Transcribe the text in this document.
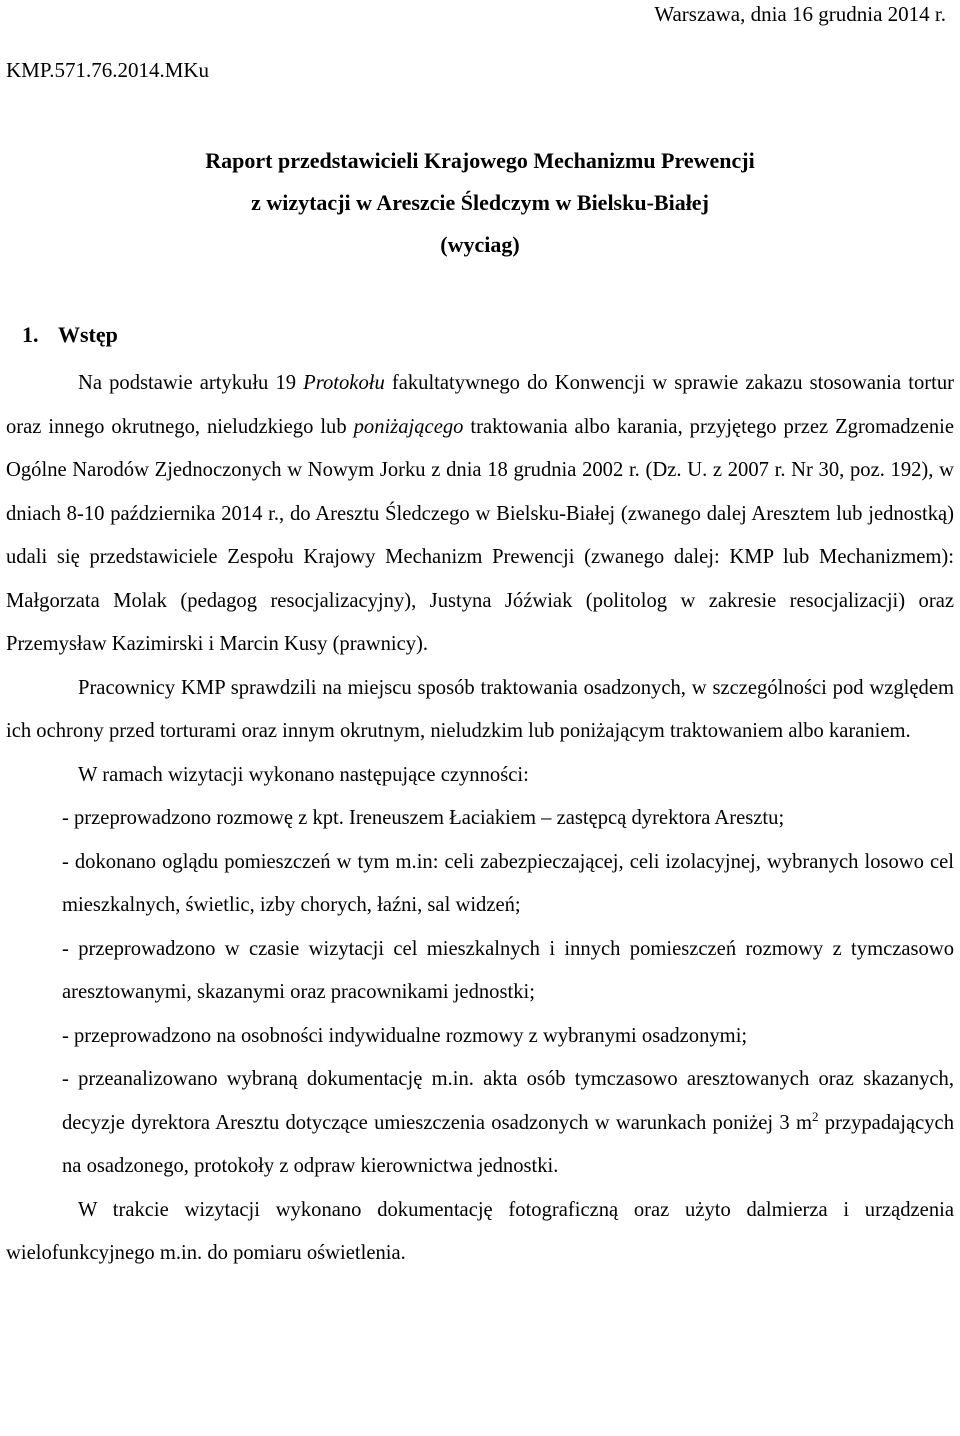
Warszawa, dnia 16 grudnia 2014 r.
KMP.571.76.2014.MKu
Raport przedstawicieli Krajowego Mechanizmu Prewencji
z wizytacji w Areszcie Śledczym w Bielsku-Białej
(wyciag)
1. Wstęp

Na podstawie artykułu 19 Protokołu fakultatywnego do Konwencji w sprawie zakazu stosowania tortur oraz innego okrutnego, nieludzkiego lub poniżającego traktowania albo karania, przyjętego przez Zgromadzenie Ogólne Narodów Zjednoczonych w Nowym Jorku z dnia 18 grudnia 2002 r. (Dz. U. z 2007 r. Nr 30, poz. 192), w dniach 8-10 października 2014 r., do Aresztu Śledczego w Bielsku-Białej (zwanego dalej Aresztem lub jednostką) udali się przedstawiciele Zespołu Krajowy Mechanizm Prewencji (zwanego dalej: KMP lub Mechanizmem): Małgorzata Molak (pedagog resocjalizacyjny), Justyna Jóźwiak (politolog w zakresie resocjalizacji) oraz Przemysław Kazimirski i Marcin Kusy (prawnicy).

Pracownicy KMP sprawdzili na miejscu sposób traktowania osadzonych, w szczególności pod względem ich ochrony przed torturami oraz innym okrutnym, nieludzkim lub poniżającym traktowaniem albo karaniem.

W ramach wizytacji wykonano następujące czynności:

- przeprowadzono rozmowę z kpt. Ireneuszem Łaciakiem – zastępcą dyrektora Aresztu;

- dokonano oglądu pomieszczeń w tym m.in: celi zabezpieczającej, celi izolacyjnej, wybranych losowo cel mieszkalnych, świetlic, izby chorych, łaźni, sal widzeń;

- przeprowadzono w czasie wizytacji cel mieszkalnych i innych pomieszczeń rozmowy z tymczasowo aresztowanymi, skazanymi oraz pracownikami jednostki;

- przeprowadzono na osobności indywidualne rozmowy z wybranymi osadzonymi;

- przeanalizowano wybraną dokumentację m.in. akta osób tymczasowo aresztowanych oraz skazanych, decyzje dyrektora Aresztu dotyczące umieszczenia osadzonych w warunkach poniżej 3 $m^2$ przypadających na osadzonego, protokoły z odpraw kierownictwa jednostki.

W trakcie wizytacji wykonano dokumentację fotograficzną oraz użyto dalmierza i urządzenia wielofunkcyjnego m.in. do pomiaru oświetlenia.
